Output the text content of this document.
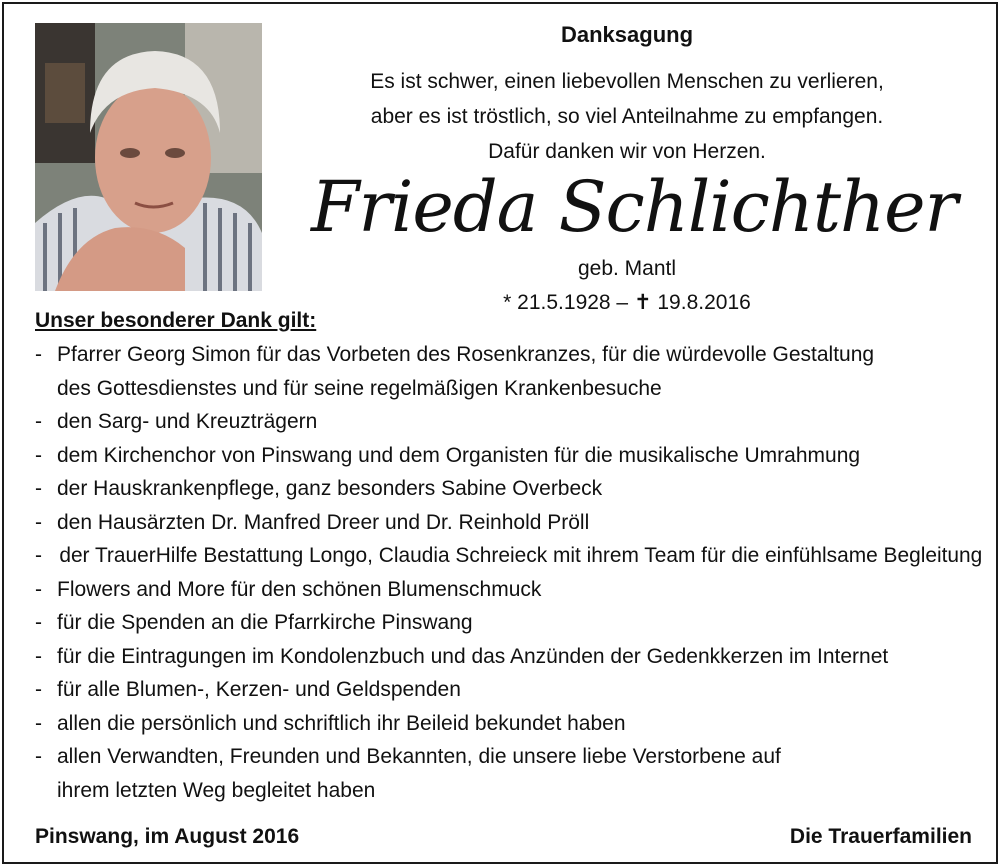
Danksagung
Es ist schwer, einen liebevollen Menschen zu verlieren,
aber es ist tröstlich, so viel Anteilnahme zu empfangen.
Dafür danken wir von Herzen.
Frieda Schlichther
geb. Mantl
* 21.5.1928 – ✝ 19.8.2016
Unser besonderer Dank gilt:
- Pfarrer Georg Simon für das Vorbeten des Rosenkranzes, für die würdevolle Gestaltung
des Gottesdienstes und für seine regelmäßigen Krankenbesuche
- den Sarg- und Kreuzträgern
- dem Kirchenchor von Pinswang und dem Organisten für die musikalische Umrahmung
- der Hauskrankenpflege, ganz besonders Sabine Overbeck
- den Hausärzten Dr. Manfred Dreer und Dr. Reinhold Pröll
- der TrauerHilfe Bestattung Longo, Claudia Schreieck mit ihrem Team für die einfühlsame Begleitung
- Flowers and More für den schönen Blumenschmuck
- für die Spenden an die Pfarrkirche Pinswang
- für die Eintragungen im Kondolenzbuch und das Anzünden der Gedenkkerzen im Internet
- für alle Blumen-, Kerzen- und Geldspenden
- allen die persönlich und schriftlich ihr Beileid bekundet haben
- allen Verwandten, Freunden und Bekannten, die unsere liebe Verstorbene auf
ihrem letzten Weg begleitet haben
Pinswang, im August 2016	Die Trauerfamilien
